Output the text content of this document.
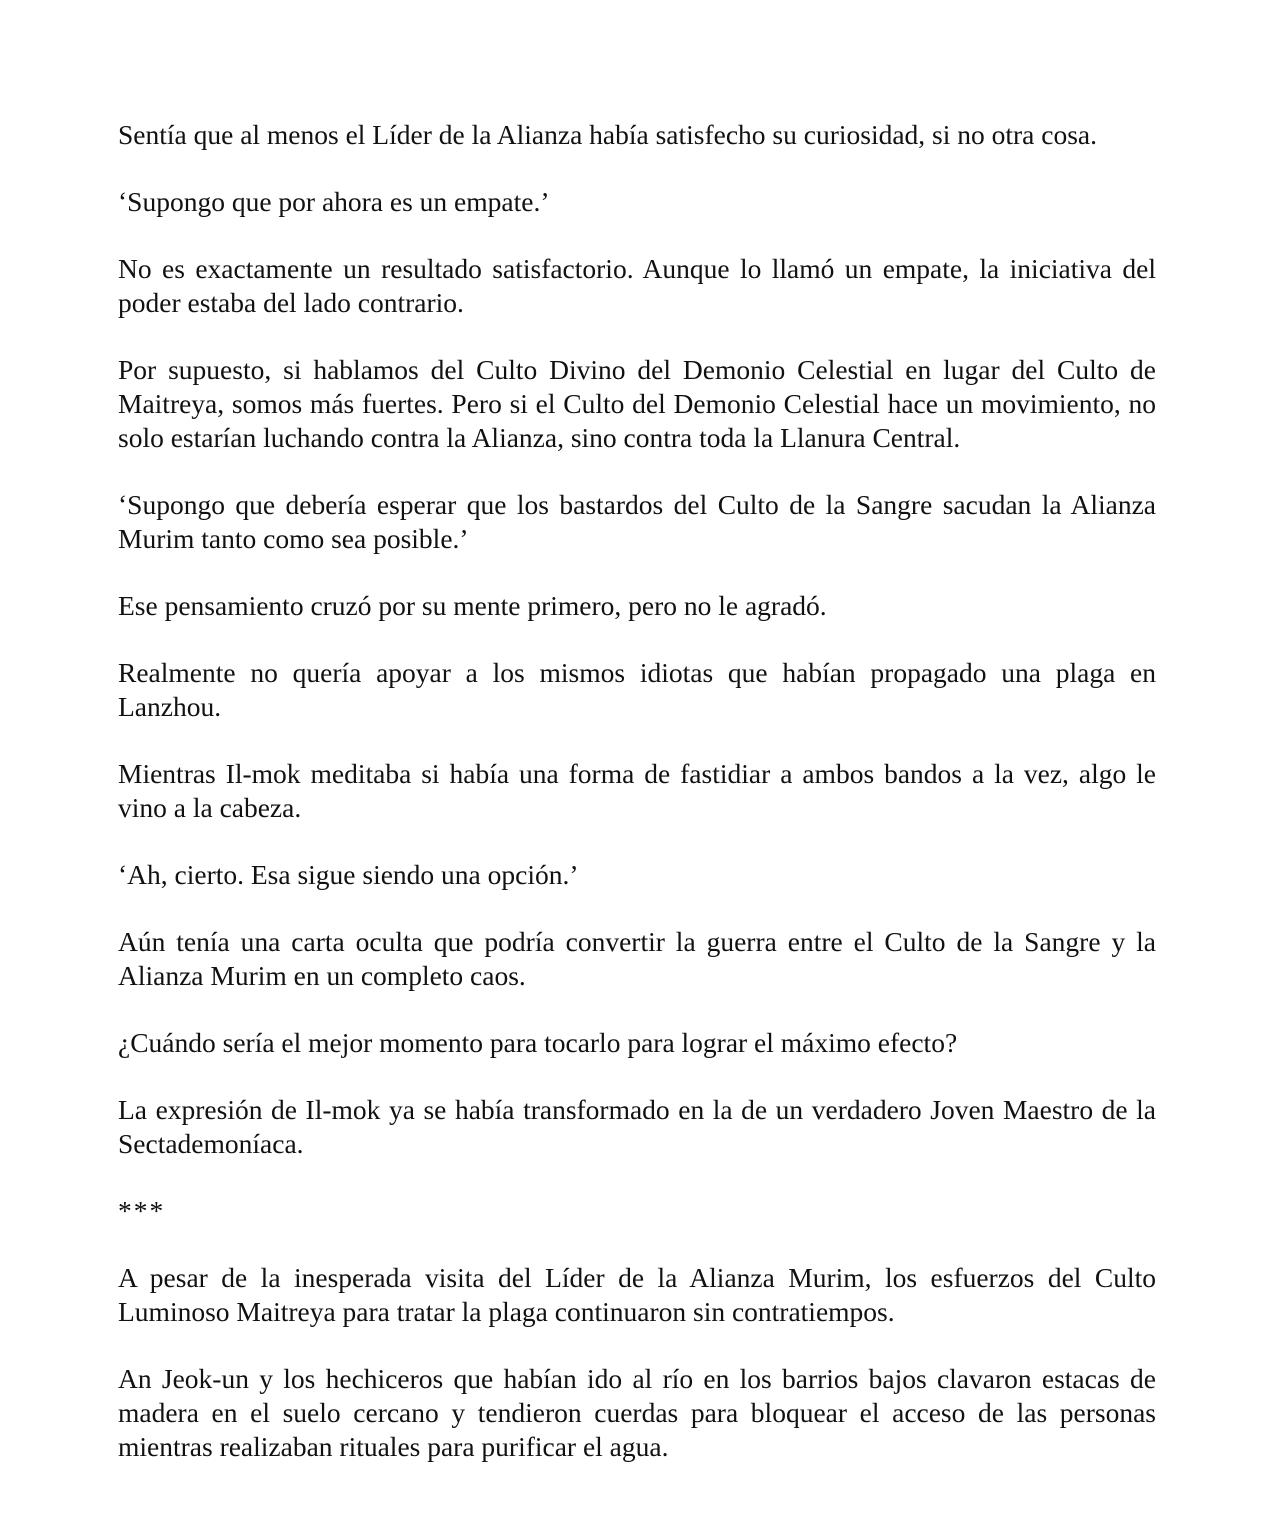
Sentía que al menos el Líder de la Alianza había satisfecho su curiosidad, si no otra cosa.

‘Supongo que por ahora es un empate.’

No es exactamente un resultado satisfactorio. Aunque lo llamó un empate, la iniciativa del poder estaba del lado contrario.

Por supuesto, si hablamos del Culto Divino del Demonio Celestial en lugar del Culto de Maitreya, somos más fuertes. Pero si el Culto del Demonio Celestial hace un movimiento, no solo estarían luchando contra la Alianza, sino contra toda la Llanura Central.

‘Supongo que debería esperar que los bastardos del Culto de la Sangre sacudan la Alianza Murim tanto como sea posible.’

Ese pensamiento cruzó por su mente primero, pero no le agradó.

Realmente no quería apoyar a los mismos idiotas que habían propagado una plaga en Lanzhou.

Mientras Il-mok meditaba si había una forma de fastidiar a ambos bandos a la vez, algo le vino a la cabeza.

‘Ah, cierto. Esa sigue siendo una opción.’

Aún tenía una carta oculta que podría convertir la guerra entre el Culto de la Sangre y la Alianza Murim en un completo caos.

¿Cuándo sería el mejor momento para tocarlo para lograr el máximo efecto?

La expresión de Il-mok ya se había transformado en la de un verdadero Joven Maestro de la Sectademoníaca.

***

A pesar de la inesperada visita del Líder de la Alianza Murim, los esfuerzos del Culto Luminoso Maitreya para tratar la plaga continuaron sin contratiempos.

An Jeok-un y los hechiceros que habían ido al río en los barrios bajos clavaron estacas de madera en el suelo cercano y tendieron cuerdas para bloquear el acceso de las personas mientras realizaban rituales para purificar el agua.
